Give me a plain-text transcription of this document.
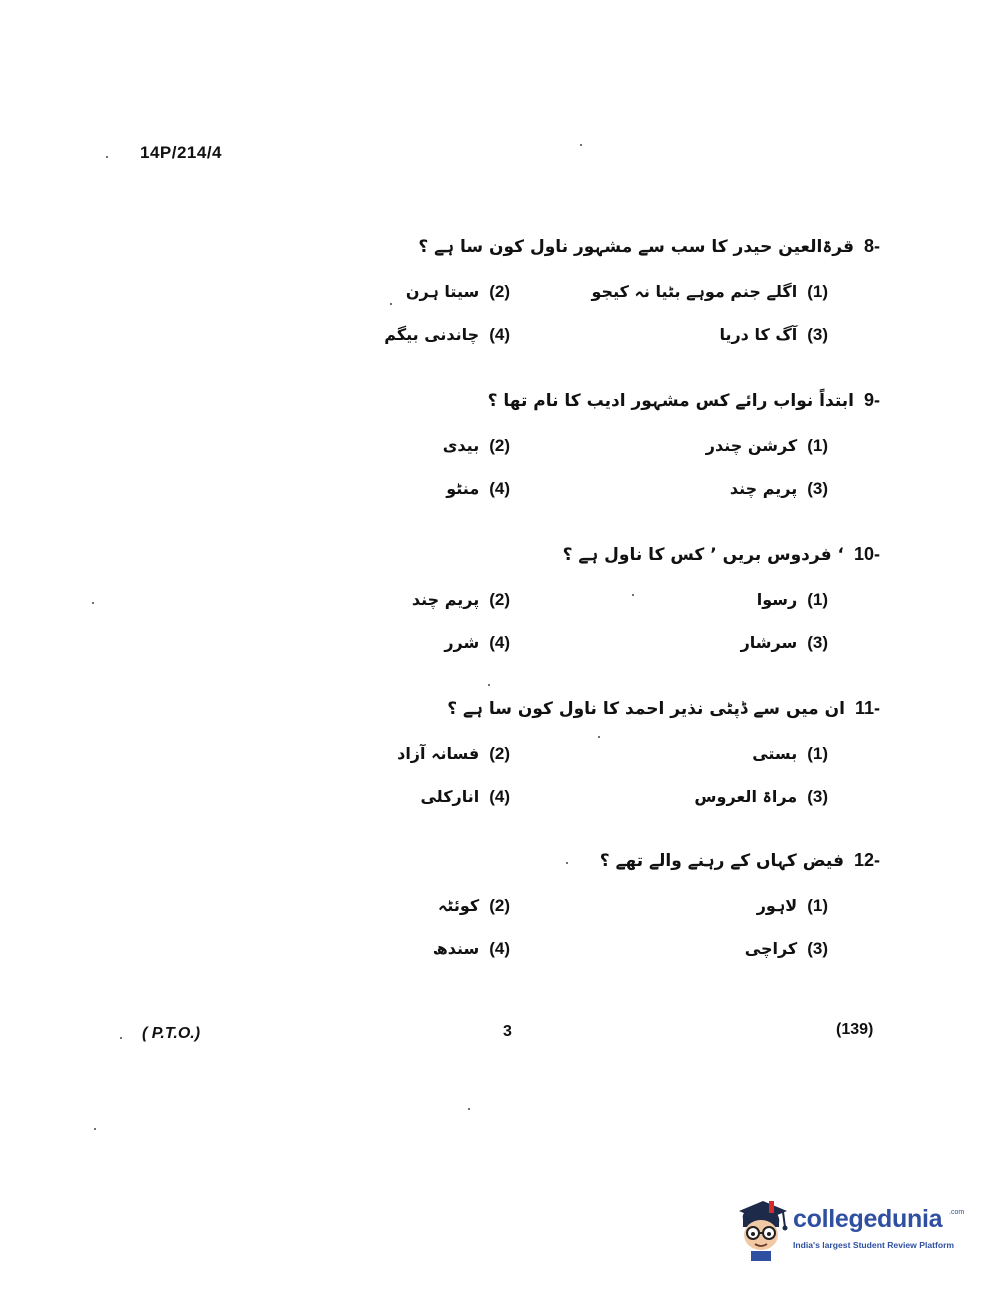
14P/214/4
8-
قرۃالعین حیدر کا سب سے مشہور ناول کون سا ہے ؟
(1)
اگلے جنم موہے بٹیا نہ کیجو
(2)
سیتا ہرن
(3)
آگ کا دریا
(4)
چاندنی بیگم
9-
ابتداً نواب رائے کس مشہور ادیب کا نام تھا ؟
(1)
کرشن چندر
(2)
بیدی
(3)
پریم چند
(4)
منٹو
10-
‘ فردوس بریں ’ کس کا ناول ہے ؟
(1)
رسوا
(2)
پریم چند
(3)
سرشار
(4)
شرر
11-
ان میں سے ڈپٹی نذیر احمد کا ناول کون سا ہے ؟
(1)
بستی
(2)
فسانہ آزاد
(3)
مراۃ العروس
(4)
انارکلی
12-
فیض کہاں کے رہنے والے تھے ؟
(1)
لاہور
(2)
کوئٹہ
(3)
کراچی
(4)
سندھ
( P.T.O.)	3	(139)
collegedunia .com
India's largest Student Review Platform
